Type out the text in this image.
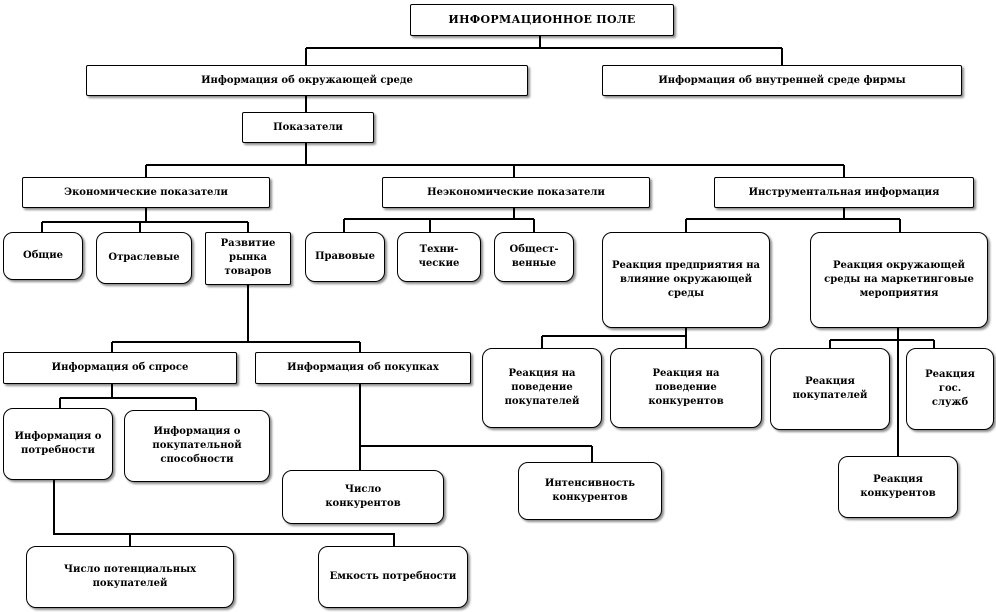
ИНФОРМАЦИОННОЕ ПОЛЕ
Информация об окружающей среде	Информация об внутренней среде фирмы
Показатели
Экономические показатели	Неэкономические показатели	Инструментальная информация
Общие	Отраслевые
Развитие
рынка
товаров
Правовые
Техни-
ческие
Общест-
венные	Реакция предприятия на
влияние окружающей
среды
Реакция окружающей
среды на маркетинговые
мероприятия
Информация об спросе	Информация об покупках
Реакция на
поведение
покупателей
Реакция на
поведение
конкурентов
Реакция
покупателей
Реакция
гос.
служб
Информация о
потребности
Информация о
покупательной
способности
Реакция
конкурентов
Интенсивность
конкурентов
Число
конкурентов
Число потенциальных
покупателей
Емкость потребности
